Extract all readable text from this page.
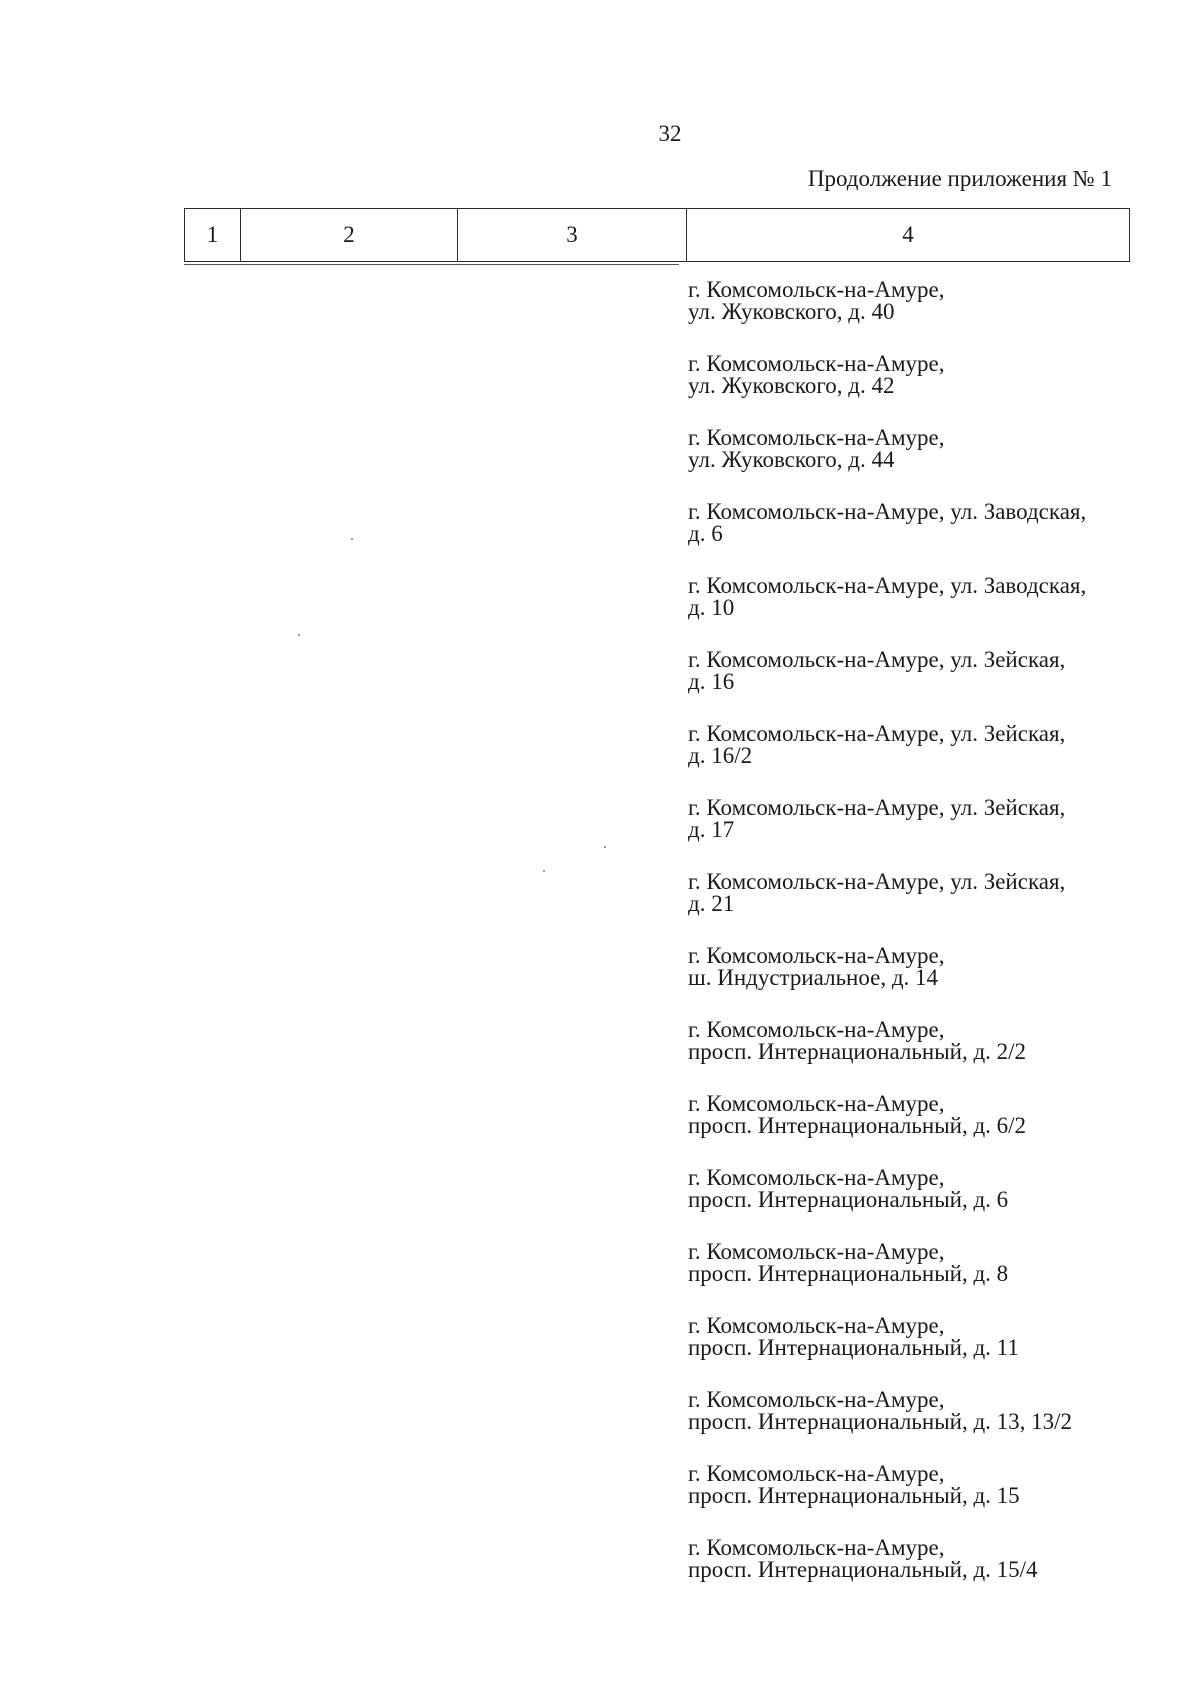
32
Продолжение приложения № 1
1	2	3	4
г. Комсомольск-на-Амуре,
ул. Жуковского, д. 40
г. Комсомольск-на-Амуре,
ул. Жуковского, д. 42
г. Комсомольск-на-Амуре,
ул. Жуковского, д. 44
г. Комсомольск-на-Амуре, ул. Заводская,
д. 6
г. Комсомольск-на-Амуре, ул. Заводская,
д. 10
г. Комсомольск-на-Амуре, ул. Зейская,
д. 16
г. Комсомольск-на-Амуре, ул. Зейская,
д. 16/2
г. Комсомольск-на-Амуре, ул. Зейская,
д. 17
г. Комсомольск-на-Амуре, ул. Зейская,
д. 21
г. Комсомольск-на-Амуре,
ш. Индустриальное, д. 14
г. Комсомольск-на-Амуре,
просп. Интернациональный, д. 2/2
г. Комсомольск-на-Амуре,
просп. Интернациональный, д. 6/2
г. Комсомольск-на-Амуре,
просп. Интернациональный, д. 6
г. Комсомольск-на-Амуре,
просп. Интернациональный, д. 8
г. Комсомольск-на-Амуре,
просп. Интернациональный, д. 11
г. Комсомольск-на-Амуре,
просп. Интернациональный, д. 13, 13/2
г. Комсомольск-на-Амуре,
просп. Интернациональный, д. 15
г. Комсомольск-на-Амуре,
просп. Интернациональный, д. 15/4
